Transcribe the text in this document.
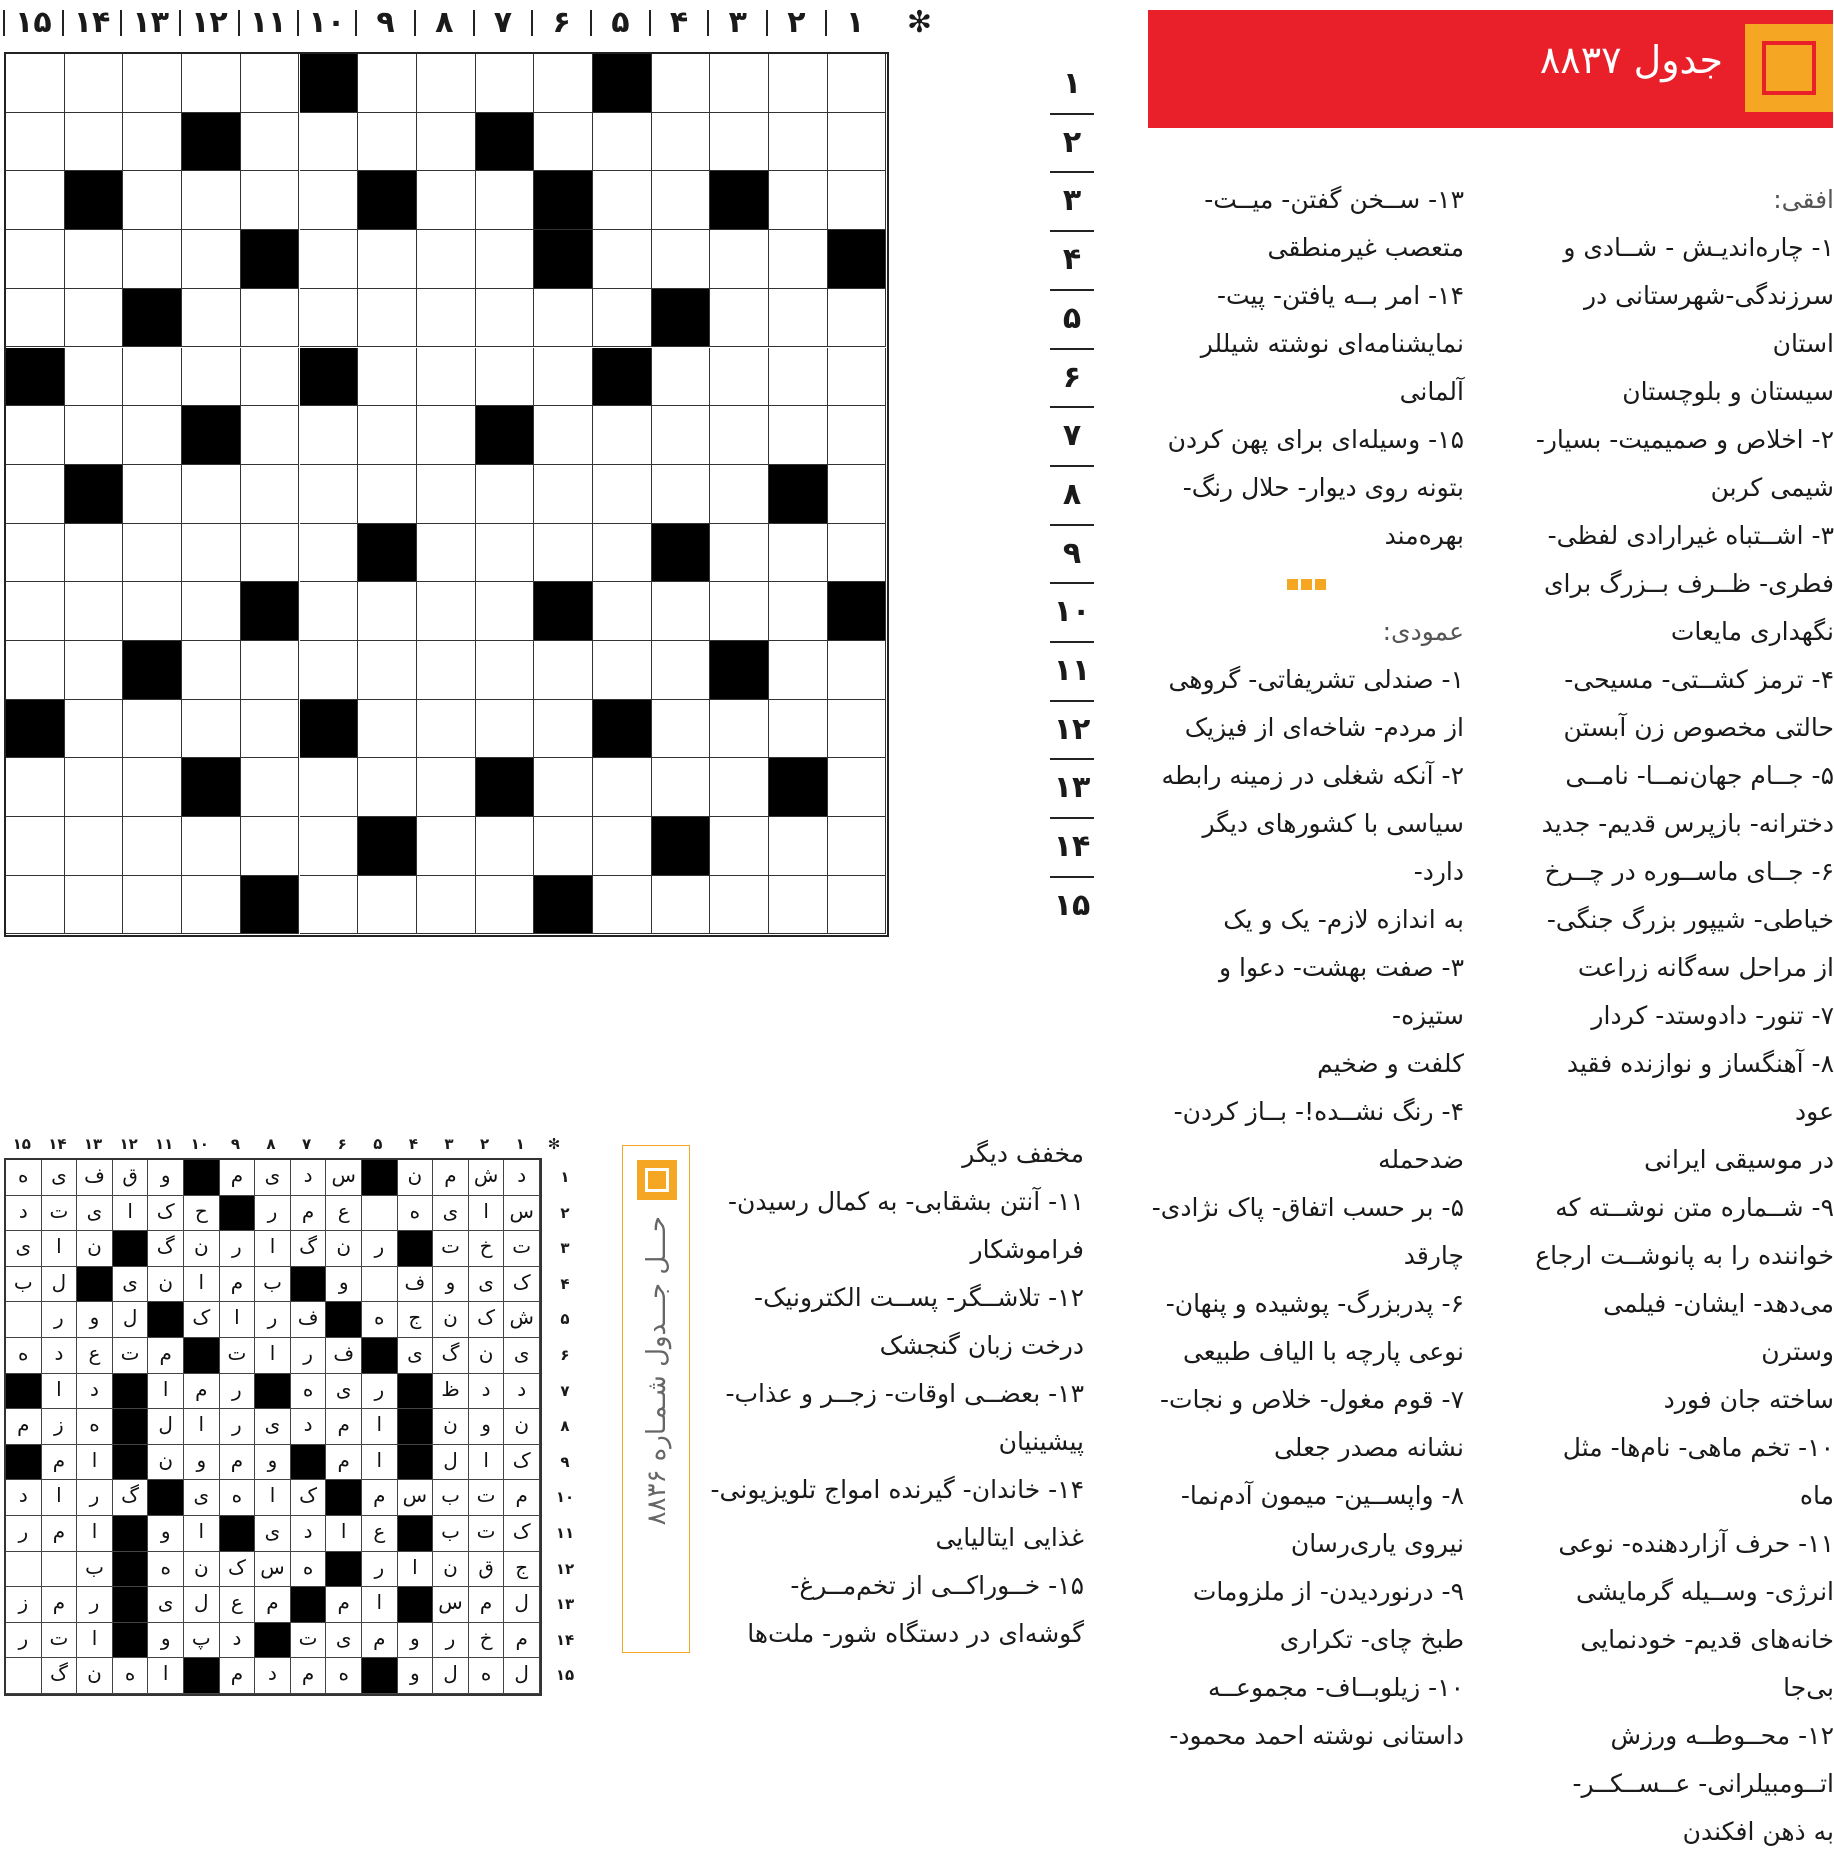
✻
۱
۲
۳
۴
۵
۶
۷
۸
۹
۱۰
۱۱
۱۲
۱۳
۱۴
۱۵
۱
۲
۳
۴
۵
۶
۷
۸
۹
۱۰
۱۱
۱۲
۱۳
۱۴
۱۵
جدول ۸۸۳۷
افقی:
۱- چاره‌اندیـش - شــادی و
سرزندگی-شهرستانی در استان
سیستان و بلوچستان
۲- اخلاص و صمیمیت- بسیار-
شیمی کربن
۳- اشــتباه غیرارادی لفظی-
فطری- ظــرف بــزرگ برای
نگهداری مایعات
۴- ترمز کشــتی- مسیحی-
حالتی مخصوص زن آبستن
۵- جــام جهان‌نمــا- نامــی
دخترانه- بازپرس قدیم- جدید
۶- جــای ماســوره در چــرخ
خیاطی- شیپور بزرگ جنگی-
از مراحل سه‌گانه زراعت
۷- تنور- دادوستد- کردار
۸- آهنگساز و نوازنده فقید عود
در موسیقی ایرانی
۹- شــماره متن نوشــته که
خواننده را به پانوشــت ارجاع
می‌دهد- ایشان- فیلمی وسترن
ساخته جان فورد
۱۰- تخم ماهی- نام‌ها- مثل ماه
۱۱- حرف آزاردهنده- نوعی
انرژی- وســیله گرمایشی
خانه‌های قدیم- خودنمایی
بی‌جا
۱۲- محــوطــه ورزش
اتــومبیلرانی- عــســکــر-
به ذهن افکندن
۱۳- ســخن گفتن- میــت-
متعصب غیرمنطقی
۱۴- امر بــه یافتن- پیت-
نمایشنامه‌ای نوشته شیللر
آلمانی
۱۵- وسیله‌ای برای پهن کردن
بتونه روی دیوار- حلال رنگ-
بهره‌مند
عمودی:
۱- صندلی تشریفاتی- گروهی
از مردم- شاخه‌ای از فیزیک
۲- آنکه شغلی در زمینه رابطه
سیاسی با کشورهای دیگر دارد-
به اندازه لازم- یک و یک
۳- صفت بهشت- دعوا و ستیزه-
کلفت و ضخیم
۴- رنگ نشــده!- بــاز کردن-
ضدحمله
۵- بر حسب اتفاق- پاک نژادی-
چارقد
۶- پدربزرگ- پوشیده و پنهان-
نوعی پارچه با الیاف طبیعی
۷- قوم مغول- خلاص و نجات-
نشانه مصدر جعلی
۸- واپســین- میمون آدم‌نما-
نیروی یاری‌رسان
۹- درنوردیدن- از ملزومات
طبخ چای- تکراری
۱۰- زیلوبــاف- مجموعــه
داستانی نوشته احمد محمود-
مخفف دیگر
۱۱- آنتن بشقابی- به کمال رسیدن-
فراموشکار
۱۲- تلاشــگر- پســت الکترونیک-
درخت زبان گنجشک
۱۳- بعضــی اوقات- زجــر و عذاب-
پیشینیان
۱۴- خاندان- گیرنده امواج تلویزیونی-
غذایی ایتالیایی
۱۵- خــوراکــی از تخم‌مــرغ-
گوشه‌ای در دستگاه شور- ملت‌ها
حـــل جـــدول شـمـاره ۸۸۳۶
✻
۱
۲
۳
۴
۵
۶
۷
۸
۹
۱۰
۱۱
۱۲
۱۳
۱۴
۱۵
د
ش
م
ن
س
د
ی
م
و
ق
ف
ی
ه
س
ا
ی
ه
ع
م
ر
ح
ک
ا
ی
ت
د
ت
خ
ت
ر
ن
گ
ا
ر
ن
گ
ن
ا
ی
ک
ی
و
ف
و
ب
م
ا
ن
ی
ل
ب
ش
ک
ن
ج
ه
ف
ر
ا
ک
ل
و
ر
ی
ن
گ
ی
ف
ر
ا
ت
م
ت
ع
د
ه
د
د
ظ
ر
ی
ه
ر
م
ا
د
ا
ن
و
ن
ا
م
د
ی
ر
ا
ل
ه
ز
م
ک
ا
ل
ا
م
و
م
و
ن
ا
م
م
ت
ب
س
م
ک
ا
ه
ی
گ
ر
ا
د
ک
ت
ب
ع
ا
د
ی
ا
و
ا
م
ر
ج
ق
ن
ا
ر
ه
س
ک
ن
ه
ب
ل
م
س
ا
م
م
ع
ل
ی
ر
م
ز
م
خ
ر
و
م
ی
ت
د
پ
و
ا
ت
ر
ل
ه
ل
و
ه
م
د
م
ا
ه
ن
گ
۱
۲
۳
۴
۵
۶
۷
۸
۹
۱۰
۱۱
۱۲
۱۳
۱۴
۱۵
